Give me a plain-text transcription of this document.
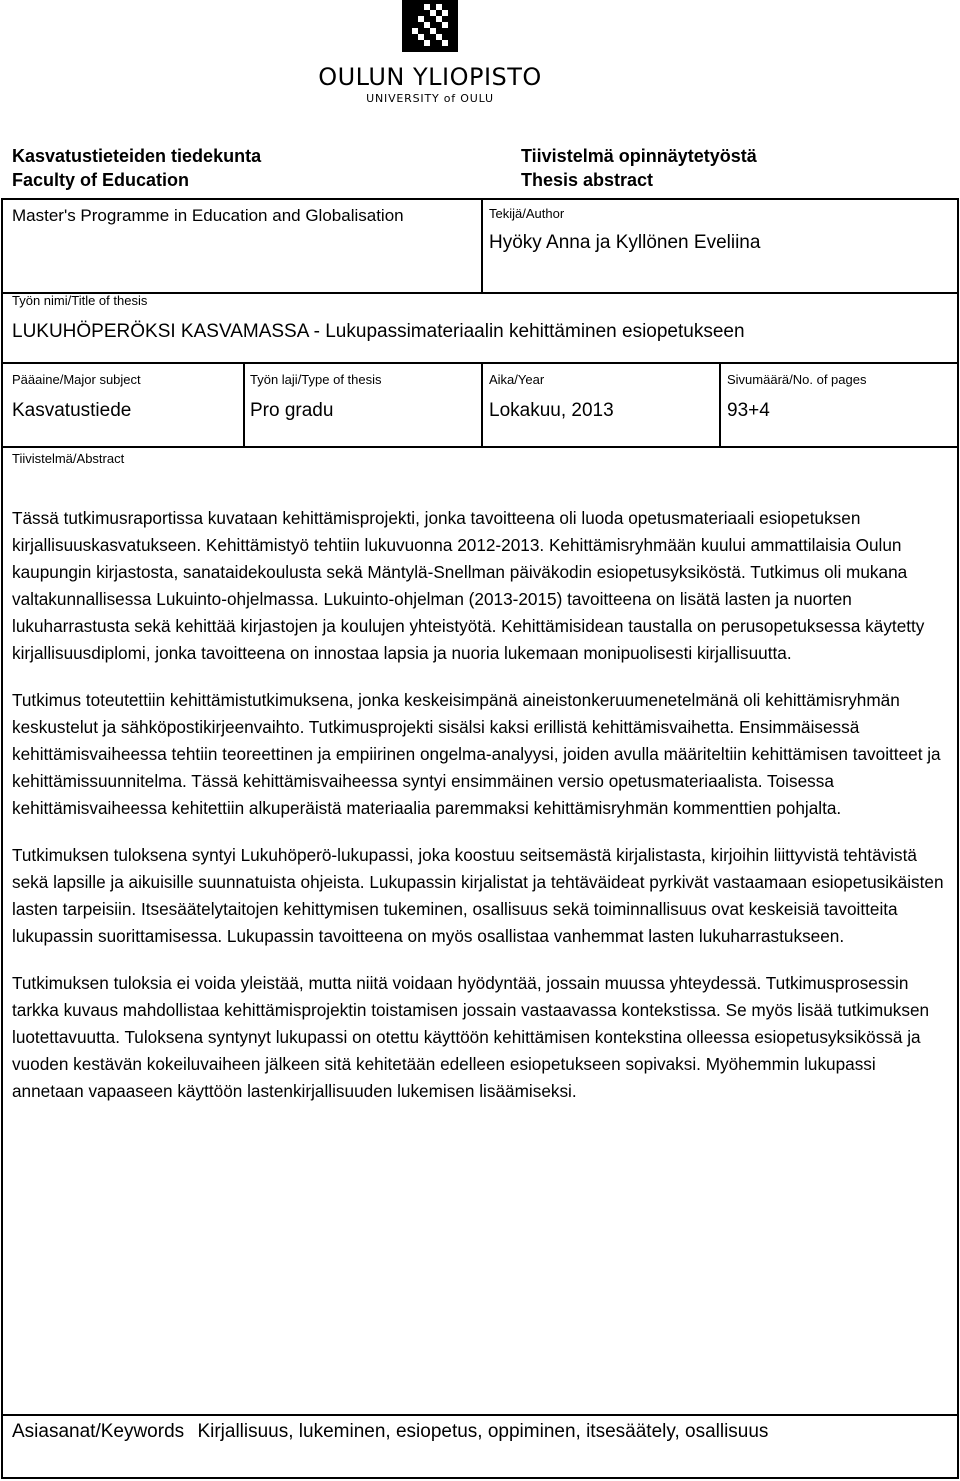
OULUN YLIOPISTO
UNIVERSITY of OULU
Kasvatustieteiden tiedekunta
Faculty of Education
Tiivistelmä opinnäytetyöstä
Thesis abstract
Master's Programme in Education and Globalisation	Tekijä/Author
Hyöky Anna ja Kyllönen Eveliina
Työn nimi/Title of thesis
LUKUHÖPERÖKSI KASVAMASSA - Lukupassimateriaalin kehittäminen esiopetukseen
Pääaine/Major subject
Kasvatustiede
Työn laji/Type of thesis
Pro gradu
Aika/Year
Lokakuu, 2013
Sivumäärä/No. of pages
93+4
Tiivistelmä/Abstract

Tässä tutkimusraportissa kuvataan kehittämisprojekti, jonka tavoitteena oli luoda opetusmateriaali esiopetuksen kirjallisuuskasvatukseen. Kehittämistyö tehtiin lukuvuonna 2012-2013. Kehittämisryhmään kuului ammattilaisia Oulun kaupungin kirjastosta, sanataidekoulusta sekä Mäntylä-Snellman päiväkodin esiopetusyksiköstä. Tutkimus oli mukana valtakunnallisessa Lukuinto-ohjelmassa. Lukuinto-ohjelman (2013-2015) tavoitteena on lisätä lasten ja nuorten lukuharrastusta sekä kehittää kirjastojen ja koulujen yhteistyötä. Kehittämisidean taustalla on perusopetuksessa käytetty kirjallisuusdiplomi, jonka tavoitteena on innostaa lapsia ja nuoria lukemaan monipuolisesti kirjallisuutta.

Tutkimus toteutettiin kehittämistutkimuksena, jonka keskeisimpänä aineistonkeruumenetelmänä oli kehittämisryhmän keskustelut ja sähköpostikirjeenvaihto. Tutkimusprojekti sisälsi kaksi erillistä kehittämisvaihetta. Ensimmäisessä kehittämisvaiheessa tehtiin teoreettinen ja empiirinen ongelma-analyysi, joiden avulla määriteltiin kehittämisen tavoitteet ja kehittämissuunnitelma. Tässä kehittämisvaiheessa syntyi ensimmäinen versio opetusmateriaalista. Toisessa kehittämisvaiheessa kehitettiin alkuperäistä materiaalia paremmaksi kehittämisryhmän kommenttien pohjalta.

Tutkimuksen tuloksena syntyi Lukuhöperö-lukupassi, joka koostuu seitsemästä kirjalistasta, kirjoihin liittyvistä tehtävistä sekä lapsille ja aikuisille suunnatuista ohjeista. Lukupassin kirjalistat ja tehtäväideat pyrkivät vastaamaan esiopetusikäisten lasten tarpeisiin. Itsesäätelytaitojen kehittymisen tukeminen, osallisuus sekä toiminnallisuus ovat keskeisiä tavoitteita lukupassin suorittamisessa. Lukupassin tavoitteena on myös osallistaa vanhemmat lasten lukuharrastukseen.

Tutkimuksen tuloksia ei voida yleistää, mutta niitä voidaan hyödyntää, jossain muussa yhteydessä. Tutkimusprosessin tarkka kuvaus mahdollistaa kehittämisprojektin toistamisen jossain vastaavassa kontekstissa. Se myös lisää tutkimuksen luotettavuutta. Tuloksena syntynyt lukupassi on otettu käyttöön kehittämisen kontekstina olleessa esiopetusyksikössä ja vuoden kestävän kokeiluvaiheen jälkeen sitä kehitetään edelleen esiopetukseen sopivaksi. Myöhemmin lukupassi annetaan vapaaseen käyttöön lastenkirjallisuuden lukemisen lisäämiseksi.

Asiasanat/Keywords Kirjallisuus, lukeminen, esiopetus, oppiminen, itsesäätely, osallisuus
